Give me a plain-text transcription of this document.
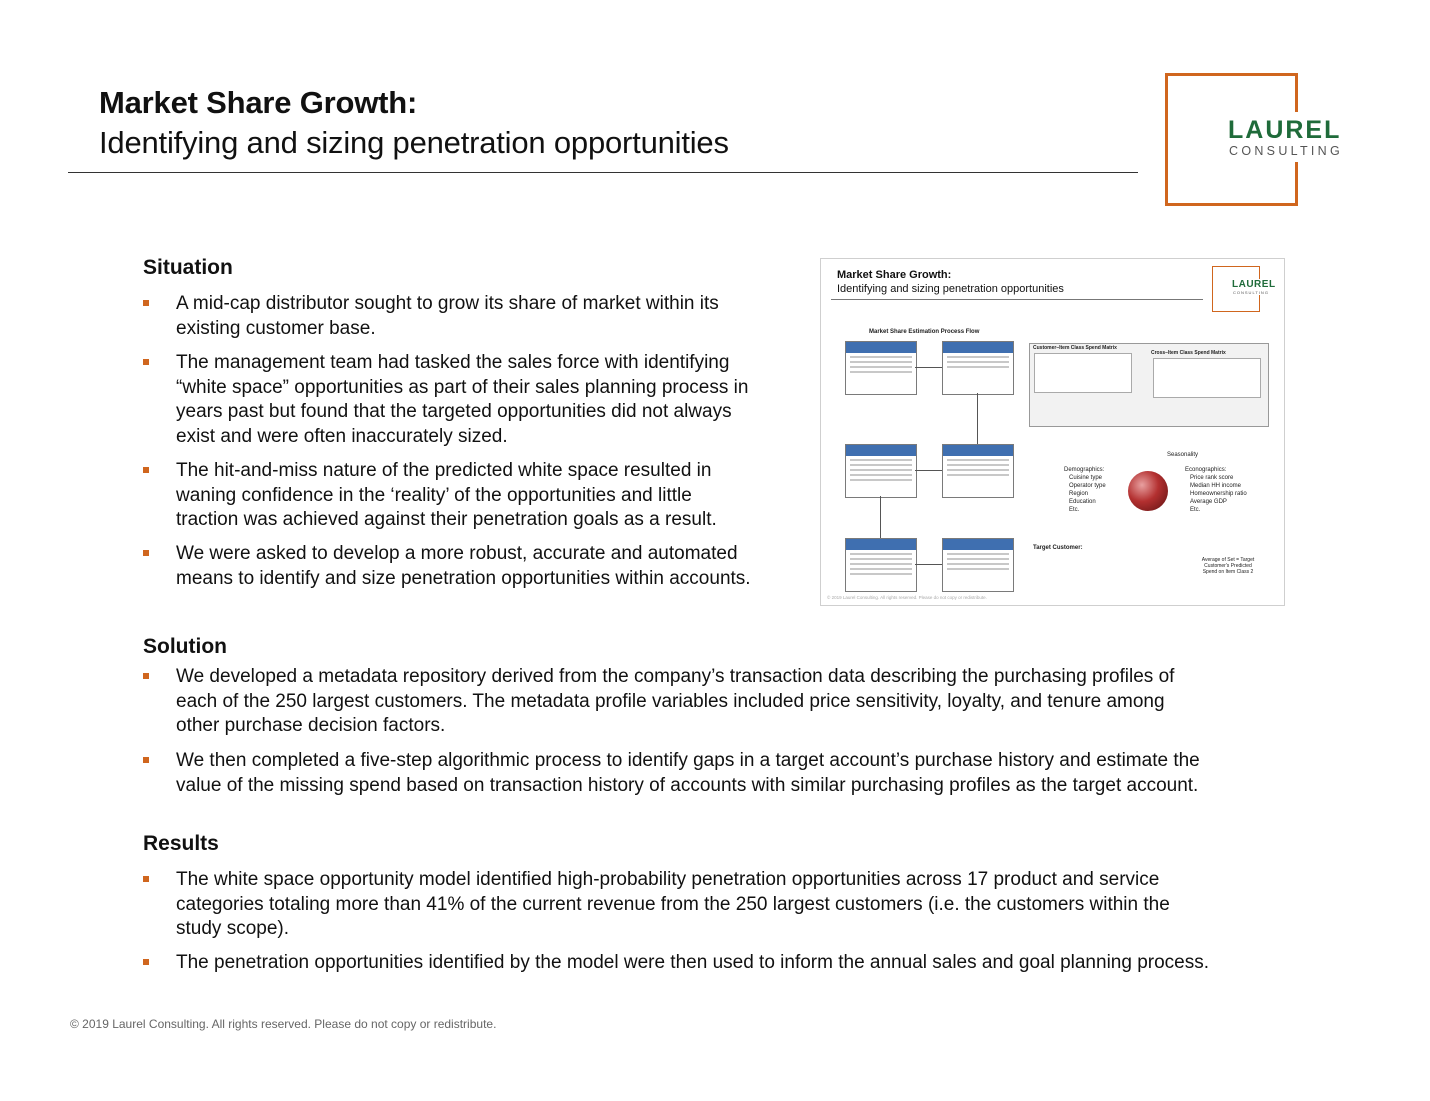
Market Share Growth:
Identifying and sizing penetration opportunities	LAUREL
CONSULTING
Situation
A mid-cap distributor sought to grow its share of market within its
existing customer base.
The management team had tasked the sales force with identifying
“white space” opportunities as part of their sales planning process in
years past but found that the targeted opportunities did not always
exist and were often inaccurately sized.
The hit-and-miss nature of the predicted white space resulted in
waning confidence in the ‘reality’ of the opportunities and little
traction was achieved against their penetration goals as a result.
We were asked to develop a more robust, accurate and automated
means to identify and size penetration opportunities within accounts.
Market Share Growth:
Identifying and sizing penetration opportunities	LAUREL
CONSULTING
Market Share Estimation Process Flow
Customer–Item Class Spend Matrix
Cross–Item Class Spend Matrix
Seasonality
Demographics:
Cuisine type
Operator type
Region
Education
Etc.
Econographics:
Price rank score
Median HH income
Homeownership ratio
Average GDP
Etc.
Target Customer:
Average of Set = Target Customer's Predicted Spend on Item Class 2
© 2019 Laurel Consulting. All rights reserved. Please do not copy or redistribute.
Solution
We developed a metadata repository derived from the company’s transaction data describing the purchasing profiles of
each of the 250 largest customers. The metadata profile variables included price sensitivity, loyalty, and tenure among
other purchase decision factors.
We then completed a five-step algorithmic process to identify gaps in a target account’s purchase history and estimate the
value of the missing spend based on transaction history of accounts with similar purchasing profiles as the target account.
Results
The white space opportunity model identified high-probability penetration opportunities across 17 product and service
categories totaling more than 41% of the current revenue from the 250 largest customers (i.e. the customers within the
study scope).
The penetration opportunities identified by the model were then used to inform the annual sales and goal planning process.
© 2019 Laurel Consulting. All rights reserved. Please do not copy or redistribute.
